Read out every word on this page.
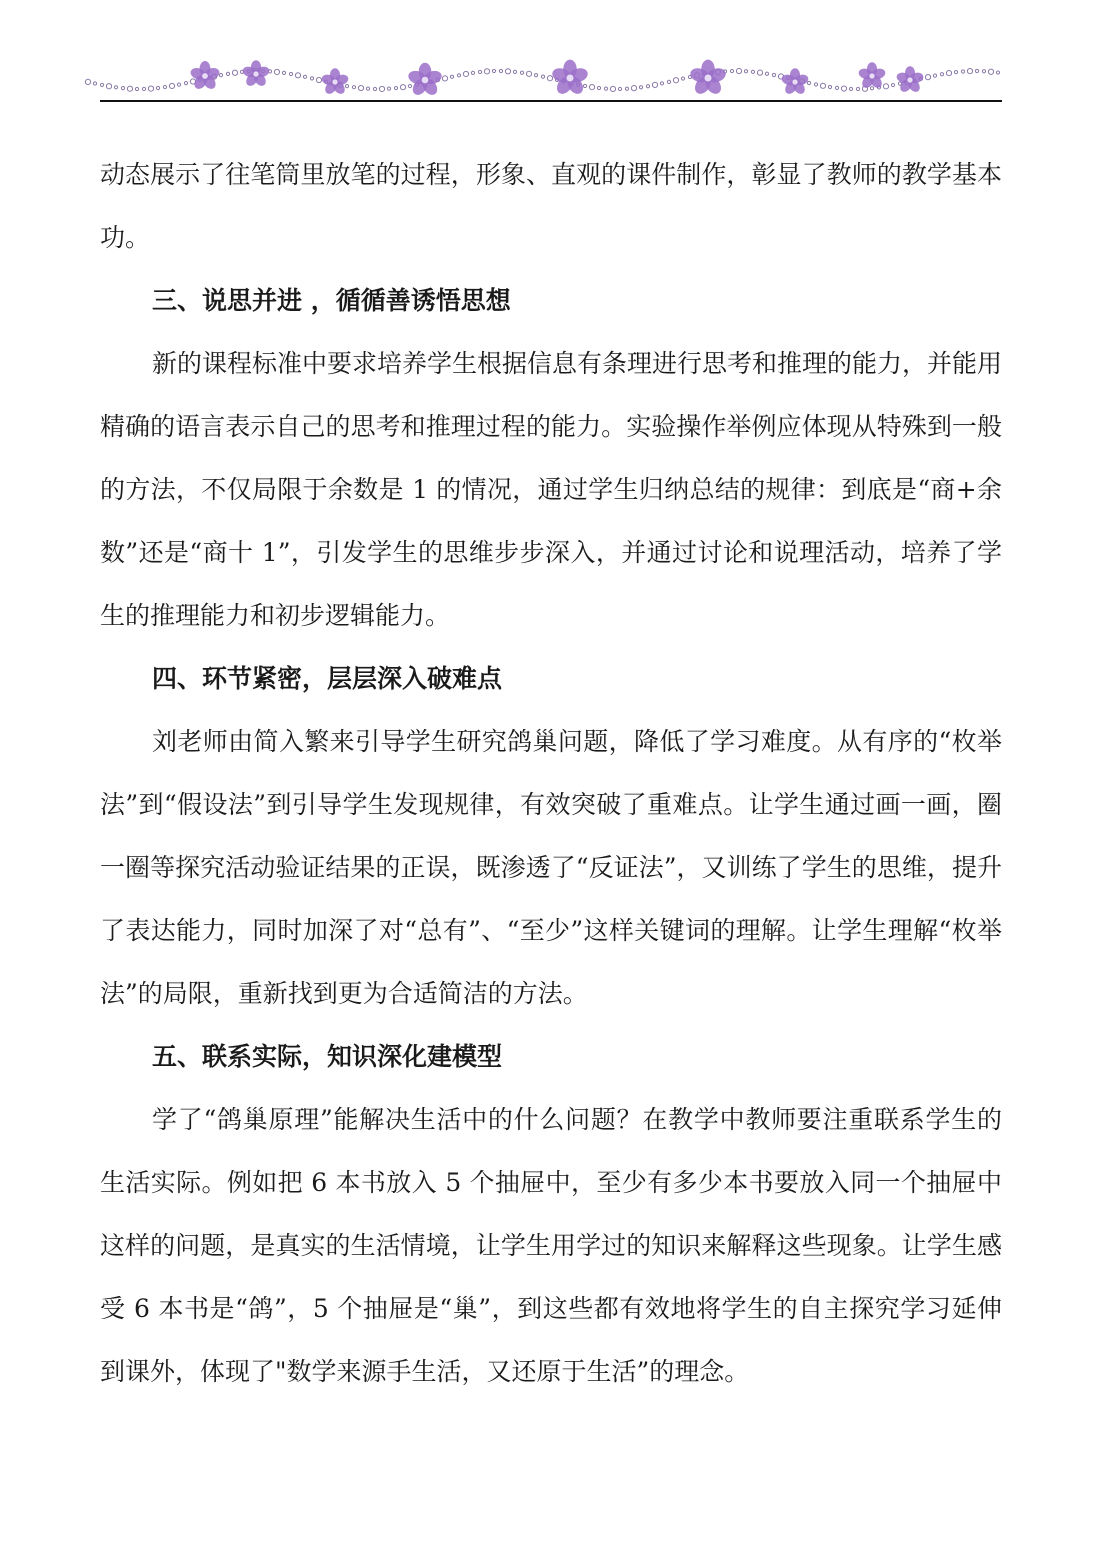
动态展示了往笔筒里放笔的过程，形象、直观的课件制作，彰显了教师的教学基本功。

三、说思并进 ，循循善诱悟思想

新的课程标准中要求培养学生根据信息有条理进行思考和推理的能力，并能用精确的语言表示自己的思考和推理过程的能力。实验操作举例应体现从特殊到一般的方法，不仅局限于余数是 1 的情况，通过学生归纳总结的规律：到底是“商+余数”还是“商十 1”，引发学生的思维步步深入，并通过讨论和说理活动，培养了学生的推理能力和初步逻辑能力。

四、环节紧密，层层深入破难点

刘老师由简入繁来引导学生研究鸽巢问题，降低了学习难度。从有序的“枚举法”到“假设法”到引导学生发现规律，有效突破了重难点。让学生通过画一画，圈一圈等探究活动验证结果的正误，既渗透了“反证法”，又训练了学生的思维，提升了表达能力，同时加深了对“总有”、“至少”这样关键词的理解。让学生理解“枚举法”的局限，重新找到更为合适简洁的方法。

五、联系实际，知识深化建模型

学了“鸽巢原理”能解决生活中的什么问题？在教学中教师要注重联系学生的生活实际。例如把 6 本书放入 5 个抽屉中，至少有多少本书要放入同一个抽屉中这样的问题，是真实的生活情境，让学生用学过的知识来解释这些现象。让学生感受 6 本书是“鸽”，5 个抽屉是“巢”，到这些都有效地将学生的自主探究学习延伸到课外，体现了"数学来源手生活，又还原于生活”的理念。
